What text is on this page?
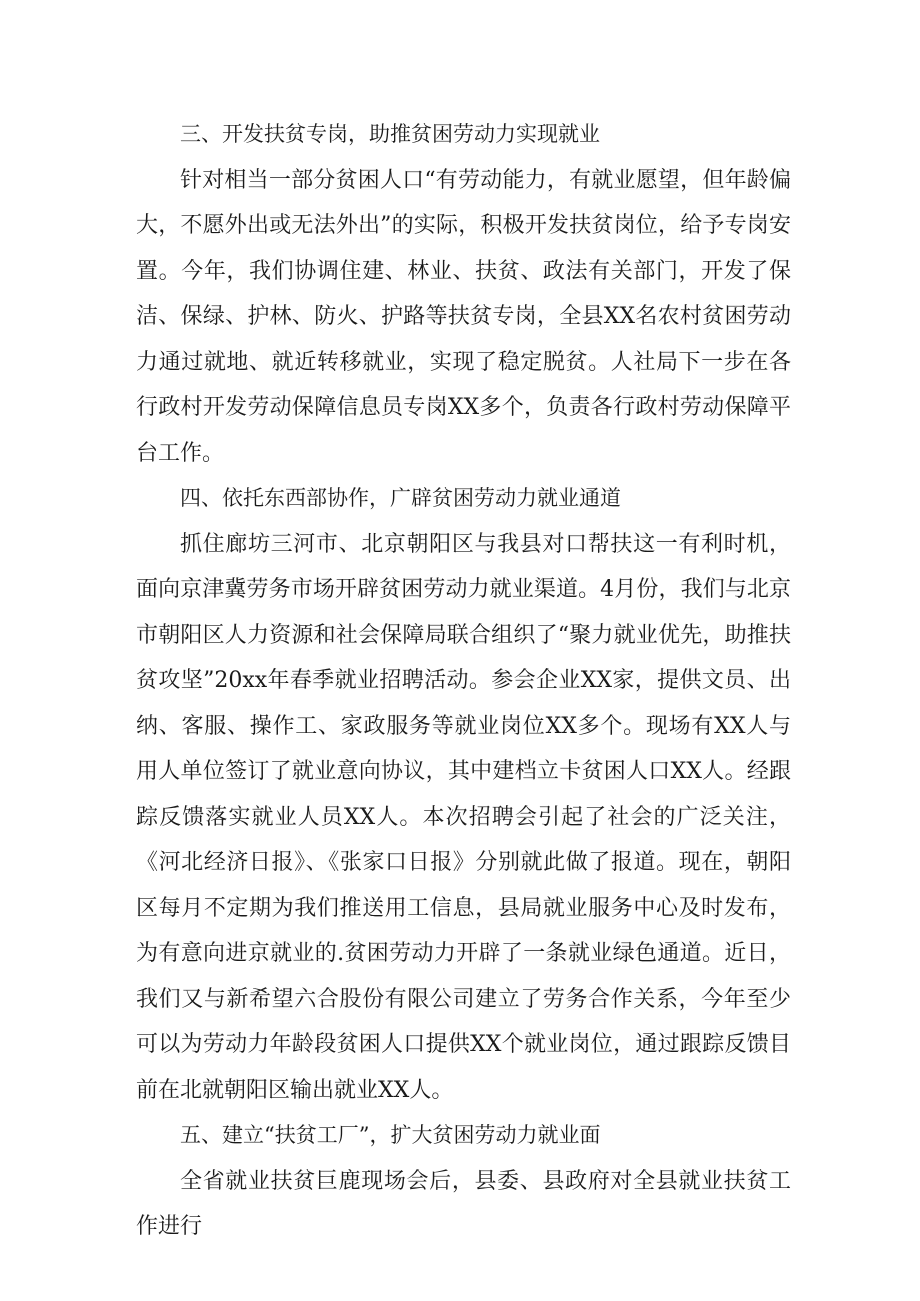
三、开发扶贫专岗，助推贫困劳动力实现就业

针对相当一部分贫困人口“有劳动能力，有就业愿望，但年龄偏大，不愿外出或无法外出”的实际，积极开发扶贫岗位，给予专岗安置。今年，我们协调住建、林业、扶贫、政法有关部门，开发了保洁、保绿、护林、防火、护路等扶贫专岗，全县XX名农村贫困劳动力通过就地、就近转移就业，实现了稳定脱贫。人社局下一步在各行政村开发劳动保障信息员专岗XX多个，负责各行政村劳动保障平台工作。

四、依托东西部协作，广辟贫困劳动力就业通道

抓住廊坊三河市、北京朝阳区与我县对口帮扶这一有利时机，面向京津冀劳务市场开辟贫困劳动力就业渠道。4月份，我们与北京市朝阳区人力资源和社会保障局联合组织了“聚力就业优先，助推扶贫攻坚”20xx年春季就业招聘活动。参会企业XX家，提供文员、出纳、客服、操作工、家政服务等就业岗位XX多个。现场有XX人与用人单位签订了就业意向协议，其中建档立卡贫困人口XX人。经跟踪反馈落实就业人员XX人。本次招聘会引起了社会的广泛关注，《河北经济日报》、《张家口日报》分别就此做了报道。现在，朝阳区每月不定期为我们推送用工信息，县局就业服务中心及时发布，为有意向进京就业的.贫困劳动力开辟了一条就业绿色通道。近日，我们又与新希望六合股份有限公司建立了劳务合作关系，今年至少可以为劳动力年龄段贫困人口提供XX个就业岗位，通过跟踪反馈目前在北就朝阳区输出就业XX人。

五、建立“扶贫工厂”，扩大贫困劳动力就业面

全省就业扶贫巨鹿现场会后，县委、县政府对全县就业扶贫工作进行
